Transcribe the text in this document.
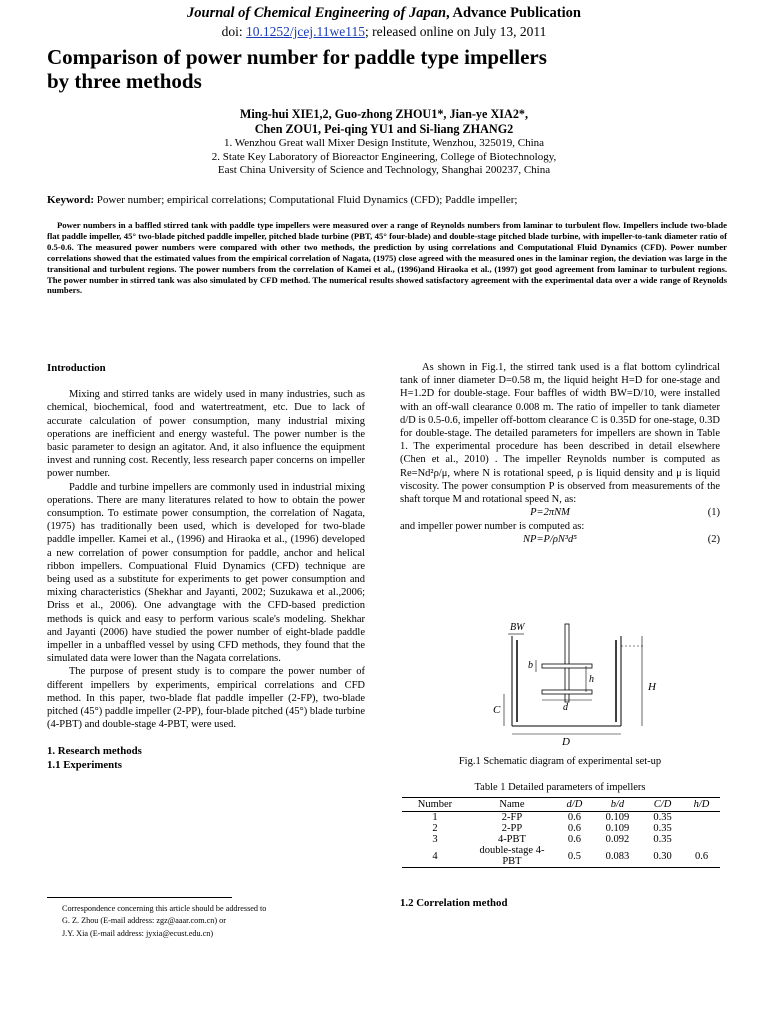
Journal of Chemical Engineering of Japan, Advance Publication
doi: 10.1252/jcej.11we115; released online on July 13, 2011
Comparison of power number for paddle type impellers
by three methods
Ming-hui XIE1,2, Guo-zhong ZHOU1*, Jian-ye XIA2*,
Chen ZOU1, Pei-qing YU1 and Si-liang ZHANG2
1. Wenzhou Great wall Mixer Design Institute, Wenzhou, 325019, China
2. State Key Laboratory of Bioreactor Engineering, College of Biotechnology,
East China University of Science and Technology, Shanghai 200237, China
Keyword: Power number; empirical correlations; Computational Fluid Dynamics (CFD); Paddle impeller;
Power numbers in a baffled stirred tank with paddle type impellers were measured over a range of Reynolds numbers from laminar to turbulent flow. Impellers include two-blade flat paddle impeller, 45° two-blade pitched paddle impeller, pitched blade turbine (PBT, 45° four-blade) and double-stage pitched blade turbine, with impeller-to-tank diameter ratio of 0.5-0.6. The measured power numbers were compared with other two methods, the prediction by using correlations and Computational Fluid Dynamics (CFD). Power number correlations showed that the estimated values from the empirical correlation of Nagata, (1975) close agreed with the measured ones in the laminar region, the deviation was large in the transitional and turbulent regions. The power numbers from the correlation of Kamei et al., (1996)and Hiraoka et al., (1997) got good agreement from laminar to turbulent regions. The power number in stirred tank was also simulated by CFD method. The numerical results showed satisfactory agreement with the experimental data over a wide range of Reynolds numbers.
Introduction

Mixing and stirred tanks are widely used in many industries, such as chemical, biochemical, food and watertreatment, etc. Due to lack of accurate calculation of power consumption, many industrial mixing operations are inefficient and energy wasteful. The power number is the basic parameter to design an agitator. And, it also influence the equipment invest and running cost. Recently, less research paper concerns on impeller power number.

Paddle and turbine impellers are commonly used in industrial mixing operations. There are many literatures related to how to obtain the power consumption. To estimate power consumption, the correlation of Nagata, (1975) has traditionally been used, which is developed for two-blade paddle impeller. Kamei et al., (1996) and Hiraoka et al., (1996) developed a new correlation of power consumption for paddle, anchor and helical ribbon impellers. Compuational Fluid Dynamics (CFD) technique are being used as a substitute for experiments to get power consumption and mixing characteristics (Shekhar and Jayanti, 2002; Suzukawa et al.,2006; Driss et al., 2006). One advangtage with the CFD-based prediction methods is quick and easy to perform various scale's modeling. Shekhar and Jayanti (2006) have studied the power number of eight-blade paddle impeller in a unbaffled vessel by using CFD methods, they found that the simulated data were lower than the Nagata correlations.

The purpose of present study is to compare the power number of different impellers by experiments, empirical correlations and CFD method. In this paper, two-blade flat paddle impeller (2-FP), two-blade pitched (45°) paddle impeller (2-PP), four-blade pitched (45°) blade turbine (4-PBT) and double-stage 4-PBT, were used.

1. Research methods
1.1 Experiments

As shown in Fig.1, the stirred tank used is a flat bottom cylindrical tank of inner diameter D=0.58 m, the liquid height H=D for one-stage and H=1.2D for double-stage. Four baffles of width BW=D/10, were installed with an off-wall clearance 0.008 m. The ratio of impeller to tank diameter d/D is 0.5-0.6, impeller off-bottom clearance C is 0.35D for one-stage, 0.3D for double-stage. The detailed parameters for impellers are shown in Table 1. The experimental procedure has been described in detail elsewhere (Chen et al., 2010) . The impeller Reynolds number is computed as Re=Nd²ρ/μ, where N is rotational speed, ρ is liquid density and μ is liquid viscosity. The power consumption P is observed from measurements of the shaft torque M and rotational speed N, as:

P=2πNM	(1)
and impeller power number is computed as:
NP=P/ρN³d⁵	(2)
BW
b
h
H
C	d
D
Fig.1 Schematic diagram of experimental set-up
Table 1 Detailed parameters of impellers
Number	Name	d/D	b/d	C/D	h/D
1	2-FP	0.6	0.109	0.35	
2	2-PP	0.6	0.109	0.35	
3	4-PBT	0.6	0.092	0.35	
4	double-stage 4-PBT	0.5	0.083	0.30	0.6
1.2 Correlation method
Correspondence concerning this article should be addressed to
G. Z. Zhou (E-mail address: zgz@aaar.com.cn) or
J.Y. Xia (E-mail address: jyxia@ecust.edu.cn)
